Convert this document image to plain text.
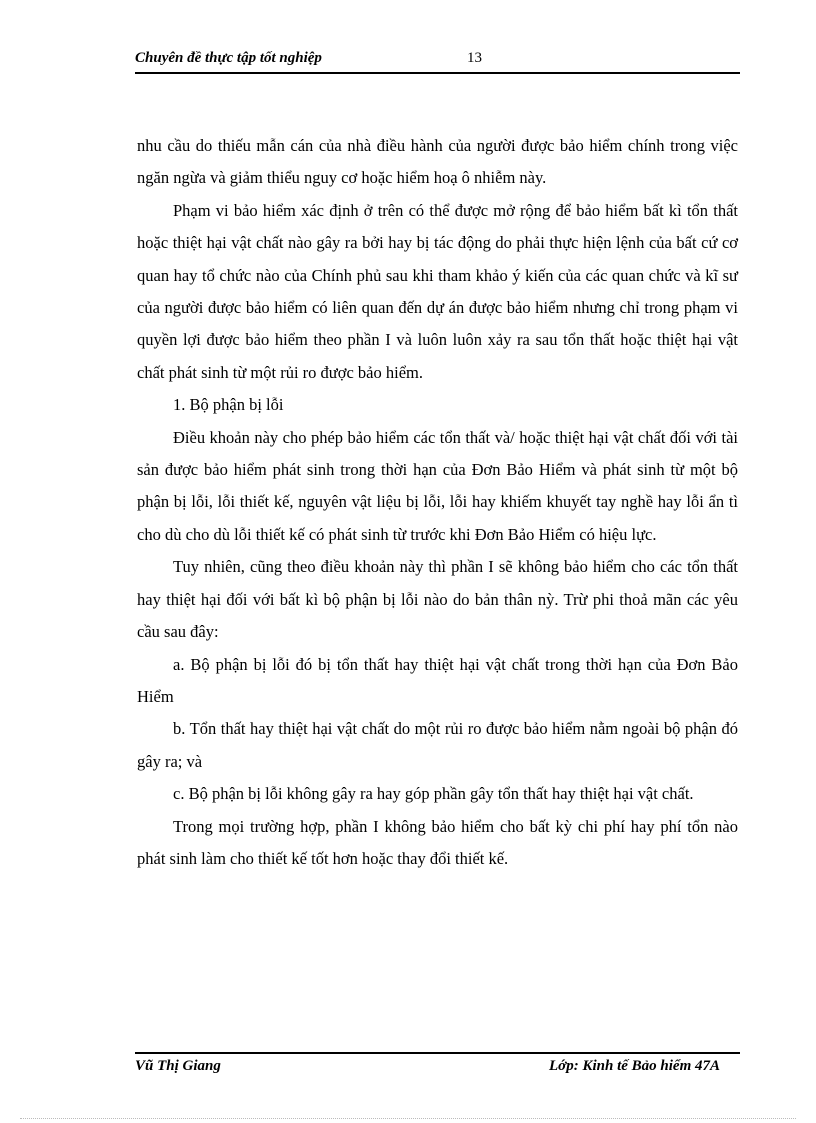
Chuyên đề thực tập tốt nghiệp	13

nhu cầu do thiếu mẫn cán của nhà điều hành của người được bảo hiểm chính trong việc ngăn ngừa và giảm thiểu nguy cơ hoặc hiểm hoạ ô nhiễm này.

Phạm vi bảo hiểm xác định ở trên có thể được mở rộng để bảo hiểm bất kì tổn thất hoặc thiệt hại vật chất nào gây ra bởi hay bị tác động do phải thực hiện lệnh của bất cứ cơ quan hay tổ chức nào của Chính phủ sau khi tham khảo ý kiến của các quan chức và kĩ sư của người được bảo hiểm có liên quan đến dự án được bảo hiểm nhưng chỉ trong phạm vi quyền lợi được bảo hiểm theo phần I và luôn luôn xảy ra sau tổn thất hoặc thiệt hại vật chất phát sinh từ một rủi ro được bảo hiểm.

1. Bộ phận bị lỗi

Điều khoản này cho phép bảo hiểm các tổn thất và/ hoặc thiệt hại vật chất đối với tài sản được bảo hiểm phát sinh trong thời hạn của Đơn Bảo Hiểm và phát sinh từ một bộ phận bị lỗi, lỗi thiết kế, nguyên vật liệu bị lỗi, lỗi hay khiếm khuyết tay nghề hay lỗi ẩn tì cho dù cho dù lỗi thiết kế có phát sinh từ trước khi Đơn Bảo Hiểm có hiệu lực.

Tuy nhiên, cũng theo điều khoản này thì phần I sẽ không bảo hiểm cho các tổn thất hay thiệt hại đối với bất kì bộ phận bị lỗi nào do bản thân nỳ. Trừ phi thoả mãn các yêu cầu sau đây:

a. Bộ phận bị lỗi đó bị tổn thất hay thiệt hại vật chất trong thời hạn của Đơn Bảo Hiểm

b. Tổn thất hay thiệt hại vật chất do một rủi ro được bảo hiểm nằm ngoài bộ phận đó gây ra; và

c. Bộ phận bị lỗi không gây ra hay góp phần gây tổn thất hay thiệt hại vật chất.

Trong mọi trường hợp, phần I không bảo hiểm cho bất kỳ chi phí hay phí tổn nào phát sinh làm cho thiết kế tốt hơn hoặc thay đổi thiết kế.

Vũ Thị Giang	Lớp: Kinh tế Bảo hiểm 47A
